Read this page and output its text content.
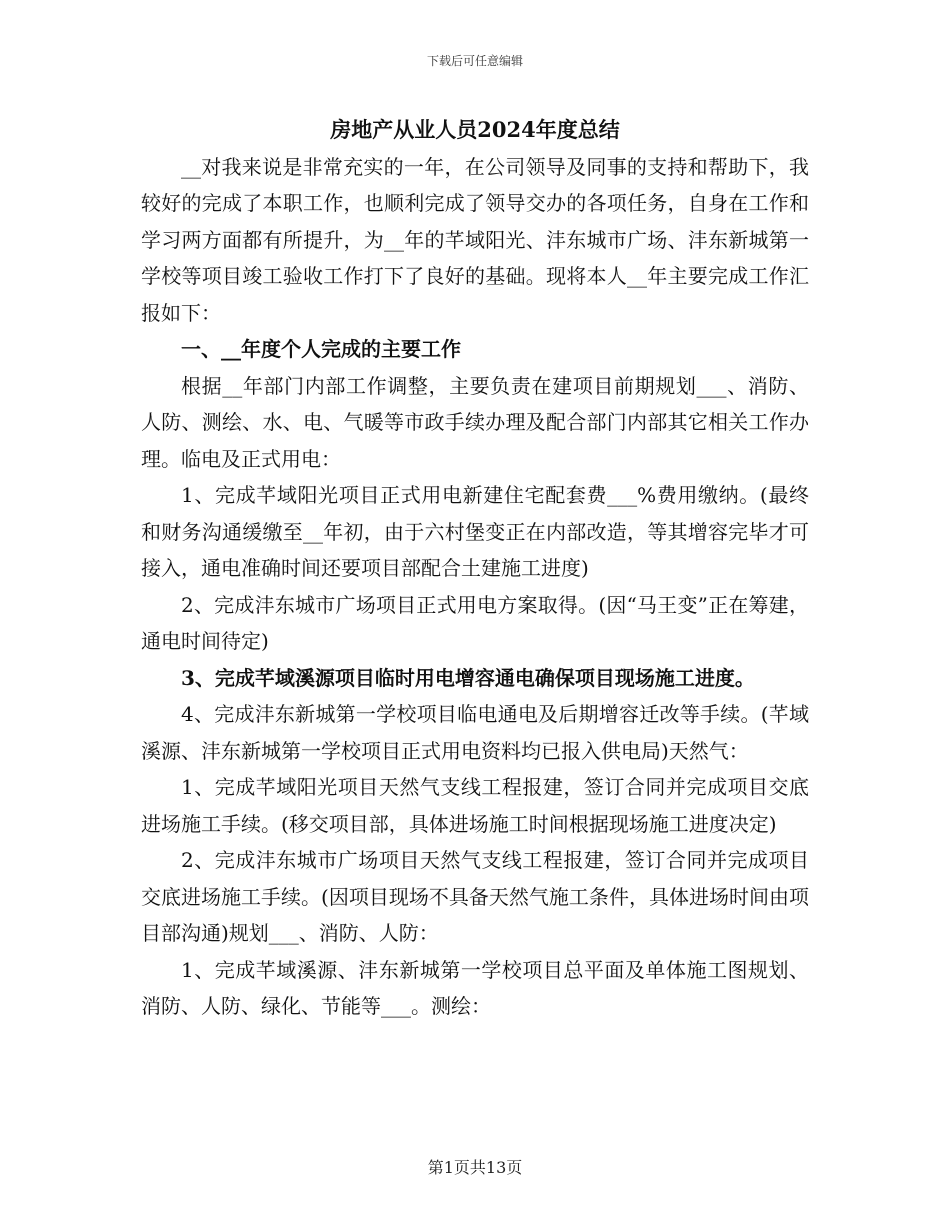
下载后可任意编辑
房地产从业人员2024年度总结

__对我来说是非常充实的一年，在公司领导及同事的支持和帮助下，我较好的完成了本职工作，也顺利完成了领导交办的各项任务，自身在工作和学习两方面都有所提升，为__年的芊域阳光、沣东城市广场、沣东新城第一学校等项目竣工验收工作打下了良好的基础。现将本人__年主要完成工作汇报如下：

一、__年度个人完成的主要工作

根据__年部门内部工作调整，主要负责在建项目前期规划___、消防、人防、测绘、水、电、气暖等市政手续办理及配合部门内部其它相关工作办理。临电及正式用电：

1、完成芊域阳光项目正式用电新建住宅配套费___%费用缴纳。(最终和财务沟通缓缴至__年初，由于六村堡变正在内部改造，等其增容完毕才可接入，通电准确时间还要项目部配合土建施工进度)

2、完成沣东城市广场项目正式用电方案取得。(因“马王变”正在筹建，通电时间待定)

3、完成芊域溪源项目临时用电增容通电确保项目现场施工进度。

4、完成沣东新城第一学校项目临电通电及后期增容迁改等手续。(芊域溪源、沣东新城第一学校项目正式用电资料均已报入供电局)天然气：

1、完成芊域阳光项目天然气支线工程报建，签订合同并完成项目交底进场施工手续。(移交项目部，具体进场施工时间根据现场施工进度决定)

2、完成沣东城市广场项目天然气支线工程报建，签订合同并完成项目交底进场施工手续。(因项目现场不具备天然气施工条件，具体进场时间由项目部沟通)规划___、消防、人防：

1、完成芊域溪源、沣东新城第一学校项目总平面及单体施工图规划、消防、人防、绿化、节能等___。测绘：

第1页共13页
